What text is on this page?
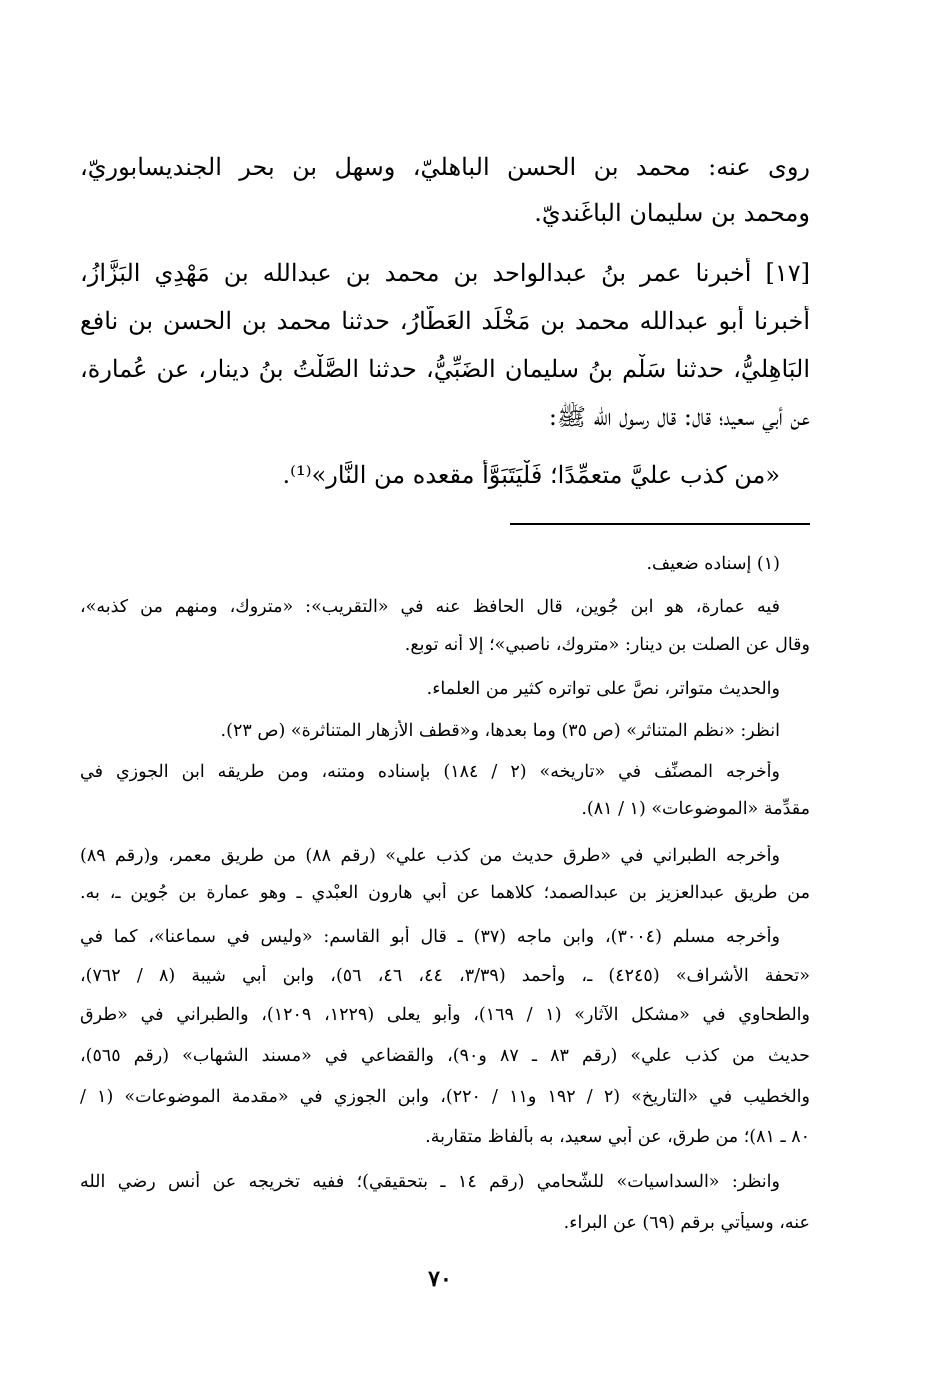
روى عنه: محمد بن الحسن الباهليّ، وسهل بن بحر الجنديسابوريّ،
ومحمد بن سليمان الباغَنديّ.
[١٧] أخبرنا عمر بنُ عبدالواحد بن محمد بن عبدالله بن مَهْدِي البَزَّازُ،
أخبرنا أبو عبدالله محمد بن مَخْلَد العَطَّارُ، حدثنا محمد بن الحسن بن نافع
البَاهِليُّ، حدثنا سَلْم بنُ سليمان الضَبِّيُّ، حدثنا الصَّلْتُ بنُ دينار، عن عُمارة،
عن أبي سعيد؛ قال: قال رسول الله ﷺ:
«من كذب عليَّ متعمِّدًا؛ فَلْيَتَبَوَّأْ مقعده من النَّار»⁽¹⁾.
(١) إسناده ضعيف.
فيه عمارة، هو ابن جُوين، قال الحافظ عنه في «التقريب»: «متروك، ومنهم من كذبه»،
وقال عن الصلت بن دينار: «متروك، ناصبي»؛ إلا أنه توبع.
والحديث متواتر، نصَّ على تواتره كثير من العلماء.
انظر: «نظم المتناثر» (ص ٣٥) وما بعدها، و«قطف الأزهار المتناثرة» (ص ٢٣).
وأخرجه المصنِّف في «تاريخه» (٢ / ١٨٤) بإسناده ومتنه، ومن طريقه ابن الجوزي في
مقدِّمة «الموضوعات» (١ / ٨١).
وأخرجه الطبراني في «طرق حديث من كذب علي» (رقم ٨٨) من طريق معمر، و(رقم ٨٩)
من طريق عبدالعزيز بن عبدالصمد؛ كلاهما عن أبي هارون العبْدي ـ وهو عمارة بن جُوين ـ، به.
وأخرجه مسلم (٣٠٠٤)، وابن ماجه (٣٧) ـ قال أبو القاسم: «وليس في سماعنا»، كما في
«تحفة الأشراف» (٤٢٤٥) ـ، وأحمد (٣/٣٩، ٤٤، ٤٦، ٥٦)، وابن أبي شيبة (٨ / ٧٦٢)،
والطحاوي في «مشكل الآثار» (١ / ١٦٩)، وأبو يعلى (١٢٢٩، ١٢٠٩)، والطبراني في «طرق
حديث من كذب علي» (رقم ٨٣ ـ ٨٧ و٩٠)، والقضاعي في «مسند الشهاب» (رقم ٥٦٥)،
والخطيب في «التاريخ» (٢ / ١٩٢ و١١ / ٢٢٠)، وابن الجوزي في «مقدمة الموضوعات» (١ /
٨٠ ـ ٨١)؛ من طرق، عن أبي سعيد، به بألفاظ متقاربة.
وانظر: «السداسيات» للشَّحامي (رقم ١٤ ـ بتحقيقي)؛ ففيه تخريجه عن أنس رضي الله
عنه، وسيأتي برقم (٦٩) عن البراء.
٧٠
